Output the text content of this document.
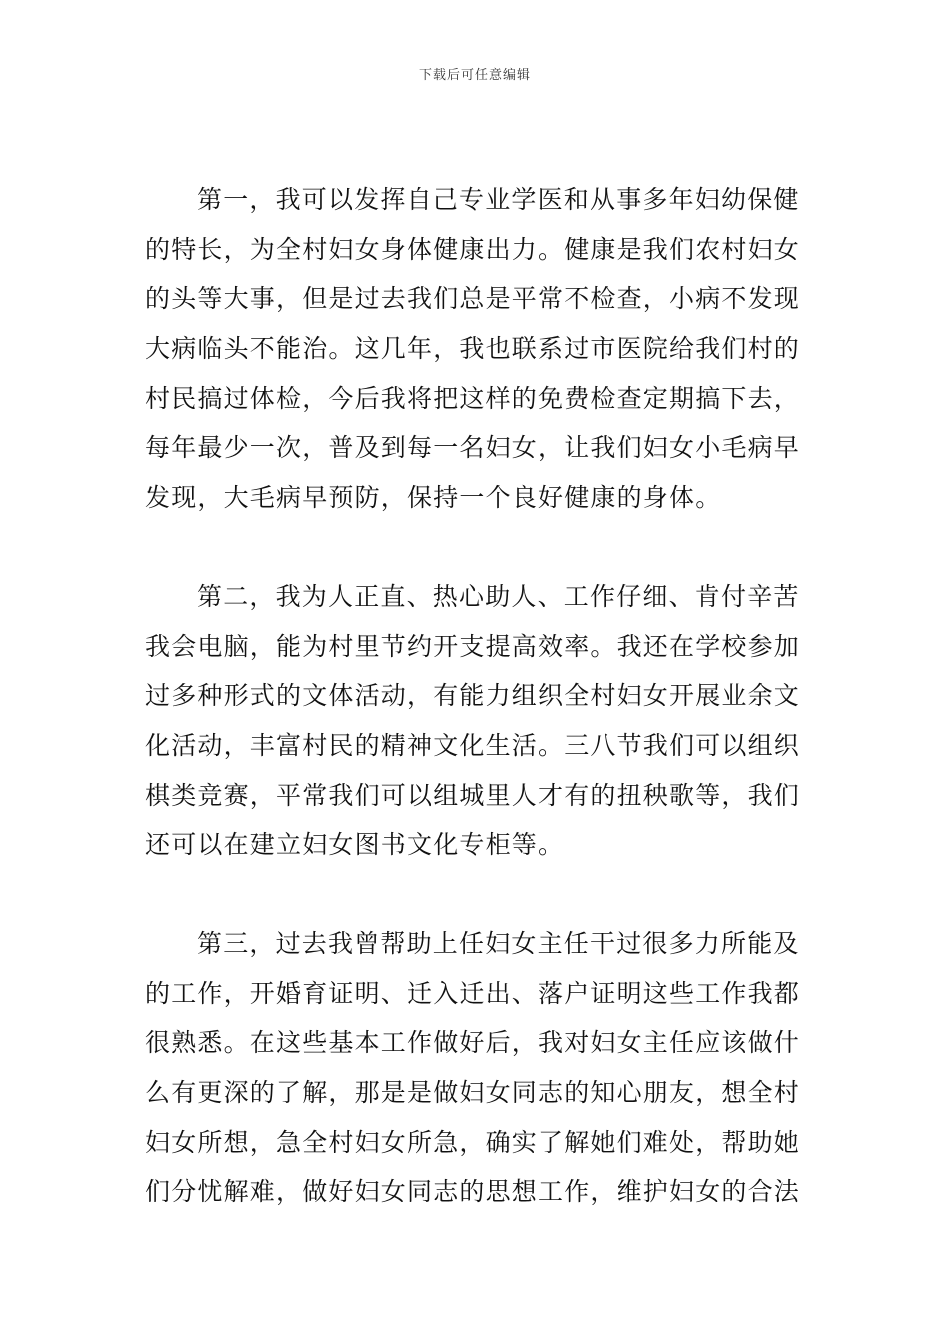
下载后可任意编辑

第一，我可以发挥自己专业学医和从事多年妇幼保健

的特长，为全村妇女身体健康出力。健康是我们农村妇女

的头等大事，但是过去我们总是平常不检查，小病不发现

大病临头不能治。这几年，我也联系过市医院给我们村的

村民搞过体检，今后我将把这样的免费检查定期搞下去，

每年最少一次，普及到每一名妇女，让我们妇女小毛病早

发现，大毛病早预防，保持一个良好健康的身体。

第二，我为人正直、热心助人、工作仔细、肯付辛苦

我会电脑，能为村里节约开支提高效率。我还在学校参加

过多种形式的文体活动，有能力组织全村妇女开展业余文

化活动，丰富村民的精神文化生活。三八节我们可以组织

棋类竞赛，平常我们可以组城里人才有的扭秧歌等，我们

还可以在建立妇女图书文化专柜等。

第三，过去我曾帮助上任妇女主任干过很多力所能及

的工作，开婚育证明、迁入迁出、落户证明这些工作我都

很熟悉。在这些基本工作做好后，我对妇女主任应该做什

么有更深的了解，那是是做妇女同志的知心朋友，想全村

妇女所想，急全村妇女所急，确实了解她们难处，帮助她

们分忧解难，做好妇女同志的思想工作，维护妇女的合法
